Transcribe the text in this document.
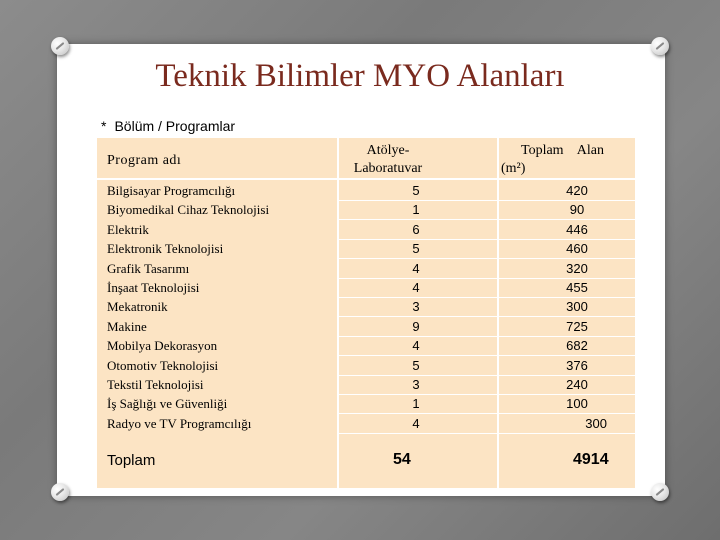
Teknik Bilimler MYO Alanları
* Bölüm / Programlar
Program adı
Atölye-
Laboratuvar
Toplam    Alan
(m²)
Bilgisayar Programcılığı
Biyomedikal Cihaz Teknolojisi
Elektrik
Elektronik Teknolojisi
Grafik Tasarımı
İnşaat Teknolojisi
Mekatronik
Makine
Mobilya Dekorasyon
Otomotiv Teknolojisi
Tekstil Teknolojisi
İş Sağlığı ve Güvenliği
Radyo ve TV Programcılığı
5
1
6
5
4
4
3
9
4
5
3
1
4
420
90
446
460
320
455
300
725
682
376
240
100
300
Toplam	54	4914
